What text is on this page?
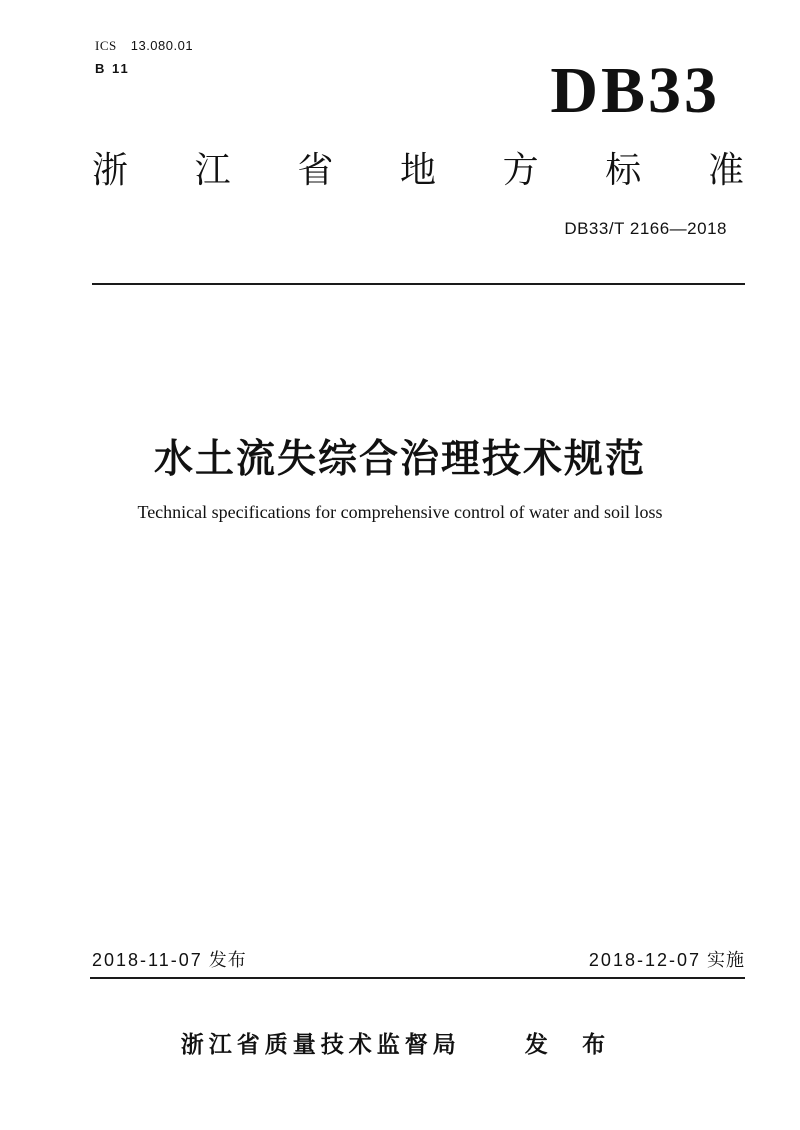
ICS 13.080.01
B 11	DB33
浙 江 省 地 方 标 准
DB33/T 2166—2018
水土流失综合治理技术规范
Technical specifications for comprehensive control of water and soil loss
2018-11-07 发布	2018-12-07 实施
浙江省质量技术监督局	发 布
